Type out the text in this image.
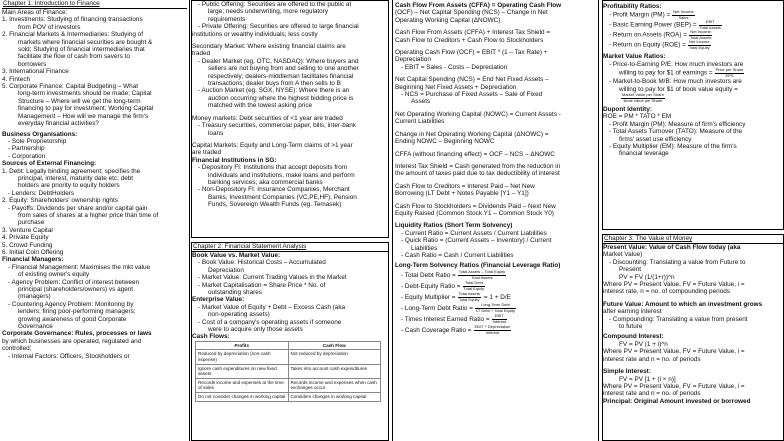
Chapter 1: Introduction to Finance
Main Areas of Finance:
1. Investments: Studying of financing transactions
from POV of investors
2. Financial Markets & Intermediaries: Studying of
markets where financial securities are bought &
sold; Studying of financial intermediaries that
facilitate the flow of cash from savers to
borrowers
3. International Finance
4. Fintech
5. Corporate Finance: Capital Budgeting – What
long-term investments should be made; Capital
Structure – Where will we get the long-term
financing to pay for investment; Working Capital
Management – How will we manage the firm's
everyday financial activities?
Business Organisations:
- Sole Proprietorship
- Partnership
- Corporation
Sources of External Financing:
1. Debt: Legally binding agreement; specifies the
principal, interest, maturity date etc; debt
holders are priority to equity holders
- Lenders: DebtHolders
2. Equity: Shareholders' ownership rights
- Payoffs: Dividends per share and/or capital gain
from sales of shares at a higher price than time of
purchase
3. Venture Capital
4. Private Equity
5. Crowd Funding
6. Initial Coin Offering
Financial Managers:
- Financial Management: Maximises the mkt value
of existing owner's equity
- Agency Problem: Conflict of interest between
principal (shareholders/owners) vs agent
(managers)
- Countering Agency Problem: Monitoring by
lenders; firing poor-performing managers;
growing awareness of good Corporate
Governance
Corporate Governance: Rules, processes or laws
by which businesses are operated, regulated and
controlled;
- Internal Factors: Officers, Stockholders or
- Public Offering: Securities are offered to the public at
large; needs underwriting, more regulatory
requirements
- Private Offering: Securities are offered to large financial
institutions or wealthy individuals; less costly
Secondary Market: Where existing financial claims are
traded
- Dealer Market (eg. OTC, NASDAQ): Where buyers and
sellers are not buying from and selling to one another
respectively; dealers-middleman facilitates financial
transactions; dealer buys from A then sells to B
- Auction Market (eg. SGX, NYSE): Where there is an
auction occurring where the highest bidding price is
matched with the lowest asking price
Money markets: Debt securities of <1 year are traded
- Treasury securities, commercial paper, bills, inter-bank
loans
Capital Markets: Equity and Long-Term claims of >1 year
are traded
Financial Institutions in SG:
- Depository FI: Institutions that accept deposits from
individuals and institutions, make loans and perform
banking services; aka commercial banks
- Non-Depository FI: Insurance Companies, Merchant
Banks, Investment Companies (VC,PE,HF), Pension
Funds, Sovereign Wealth Funds (eg. Temasek)
Chapter 2: Financial Statement Analysis
Book Value vs. Market Value:
- Book Value: Historical Costs – Accumulated
Depreciation
- Market Value: Current Trading Values in the Market
- Market Capitalisation = Share Price * No. of
outstanding shares
Enterprise Value:
- Market Value of Equity + Debt – Excess Cash (aka
non-operating assets)
- Cost of a company's operating assets if someone
were to acquire only those assets
Cash Flows:
Profits	Cash Flow
Reduced by depreciation (non-cash expense)	Not reduced by depreciation
Ignore cash expenditures on new fixed assets	Takes into account cash expenditures
Records income and expenses at the time of sales	Records income and expenses when cash exchanges occur
Do not consider changes in working capital	Considers changes in working capital
Cash Flow From Assets (CFFA) = Operating Cash Flow
(OCF) – Net Capital Spending (NCS) – Change in Net
Operating Working Capital (ΔNOWC)
Cash Flow From Assets (CFFA) + Interest Tax Shield =
Cash Flow to Creditors + Cash Flow to Stockholders
Operating Cash Flow (OCF) = EBIT * (1 – Tax Rate) +
Depreciation
- EBIT = Sales - Costs – Depreciation
Net Capital Spending (NCS) = End Net Fixed Assets –
Beginning Net Fixed Assets + Depreciation
- NCS = Purchase of Fixed Assets – Sale of Fixed
Assets
Net Operating Working Capital (NOWC) = Current Assets -
Current Liabilities
Change in Net Operating Working Capital (ΔNOWC) =
Ending NOWC – Beginning NOWC
CFFA (without financing effect) = OCF – NCS – ΔNOWC
Interest Tax Shield = Cash generated from the reduction in
the amount of taxes paid due to tax deductibility of interest
Cash Flow to Creditors = Interest Paid – Net New
Borrowing (LT Debt + Notes Payable [Y1 – Y1])
Cash Flow to Stockholders = Dividends Paid – Next New
Equity Raised (Common Stock Y1 – Common Stock Y0)
Liquidity Ratios (Short Term Solvency)
- Current Ratio = Current Assets / Current Liabilities
- Quick Ratio = (Current Assets – Inventory) / Current
Liabilities
- Cash Ratio = Cash / Current Liabilities
Long-Term Solvency Ratios (Financial Leverage Ratio)
- Total Debt Ratio = $\frac{\text{Total Assets – Total Equity}}{\text{Total Assets}}$
- Debt-Equity Ratio = $\frac{\text{Total Debt}}{\text{Total Equity}}$
- Equity Multiplier = $\frac{\text{Total Assets}}{\text{Total Equity}} = 1 + D/E$
- Long-Term Debt Ratio = $\frac{\text{Long-Term Debt}}{\text{LT Debt + Total Equity}}$
- Times Interest Earned Ratio = $\frac{\text{EBIT}}{\text{Interest}}$
- Cash Coverage Ratio = $\frac{\text{EBIT + Depreciation}}{\text{Interest}}$
Profitability Ratios:
- Profit Margin $(PM) = \frac{\text{Net Income}}{\text{Sales}}$
- Basic Earning Power $(BEP) = \frac{\text{EBIT}}{\text{Total Assets}}$
- Return on Assets $(ROA) = \frac{\text{Net Income}}{\text{Total Assets}}$
- Return on Equity $(ROE) = \frac{\text{Net Income}}{\text{Total Equity}}$
Market Value Ratios:
- Price-to-Earning P/E: How much investors are
willing to pay for $1 of earnings = $\frac{\text{Price per Share}}{\text{EPS}}$
- Market-to-Book M/B: How much investors are
willing to pay for $1 of book value equity =
$\frac{\text{Market Value per Share}}{\text{Book Value per Share}}$
Dupont Identity:
ROE = PM * TATO * EM
- Profit Margin (PM): Measure of firm's efficiency
- Total Assets Turnover (TATO): Measure of the
firms' asset use efficiency
- Equity Multiplier (EM): Measure of the firm's
financial leverage
Chapter 3: The Value of Money
Present Value: Value of Cash Flow today (aka
Market Value)
- Discounting: Translating a value from Future to
Present
PV = FV (1/(1+r))^n
Where PV = Present Value, FV = Future Value, i =
interest rate, n = no. of compounding periods
Future Value: Amount to which an investment grows
after earning interest
- Compounding: Translating a value from present
to future
Compound Interest:
FV = PV (1 + i)^n
Where PV = Present Value, FV = Future Value, i =
interest rate and n = no. of periods
Simple Interest:
FV = PV [1 + (i × n)]
Where PV = Present Value, FV = Future Value, i =
interest rate and n = no. of periods
Principal: Original Amount invested or borrowed
